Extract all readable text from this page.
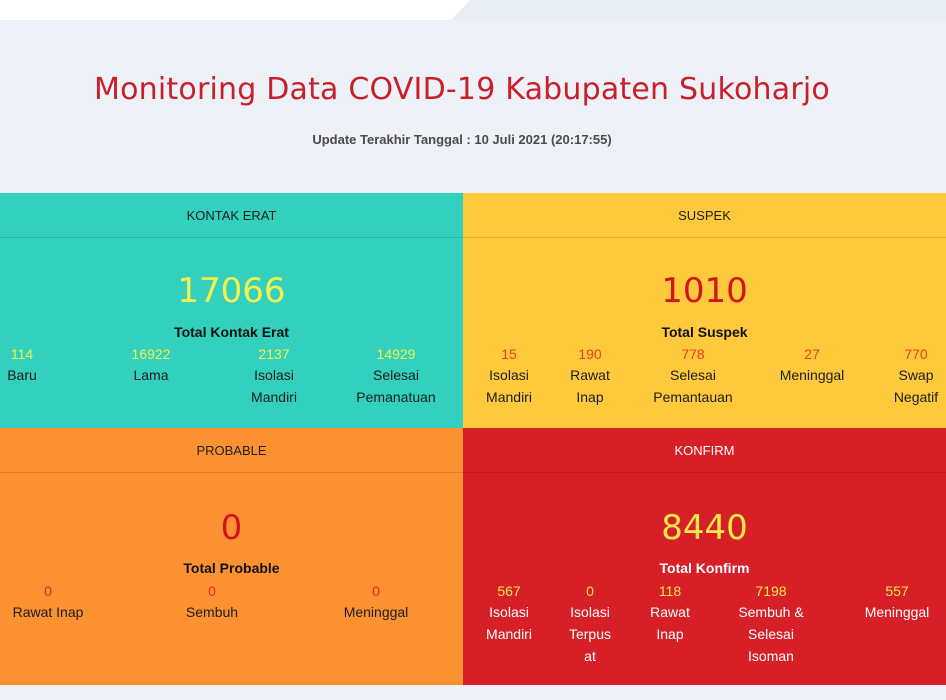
Monitoring Data COVID-19 Kabupaten Sukoharjo
Update Terakhir Tanggal : 10 Juli 2021 (20:17:55)
KONTAK ERAT
17066
Total Kontak Erat
114
Baru
16922
Lama
2137
Isolasi
Mandiri
14929
Selesai
Pemanatuan
SUSPEK
1010
Total Suspek
15
Isolasi
Mandiri
190
Rawat
Inap
778
Selesai
Pemantauan
27
Meninggal
770
Swap
Negatif
PROBABLE
0
Total Probable
0
Rawat Inap
0
Sembuh
0
Meninggal
KONFIRM
8440
Total Konfirm
567
Isolasi
Mandiri
0
Isolasi
Terpus
at
118
Rawat
Inap
7198
Sembuh &
Selesai
Isoman
557
Meninggal
